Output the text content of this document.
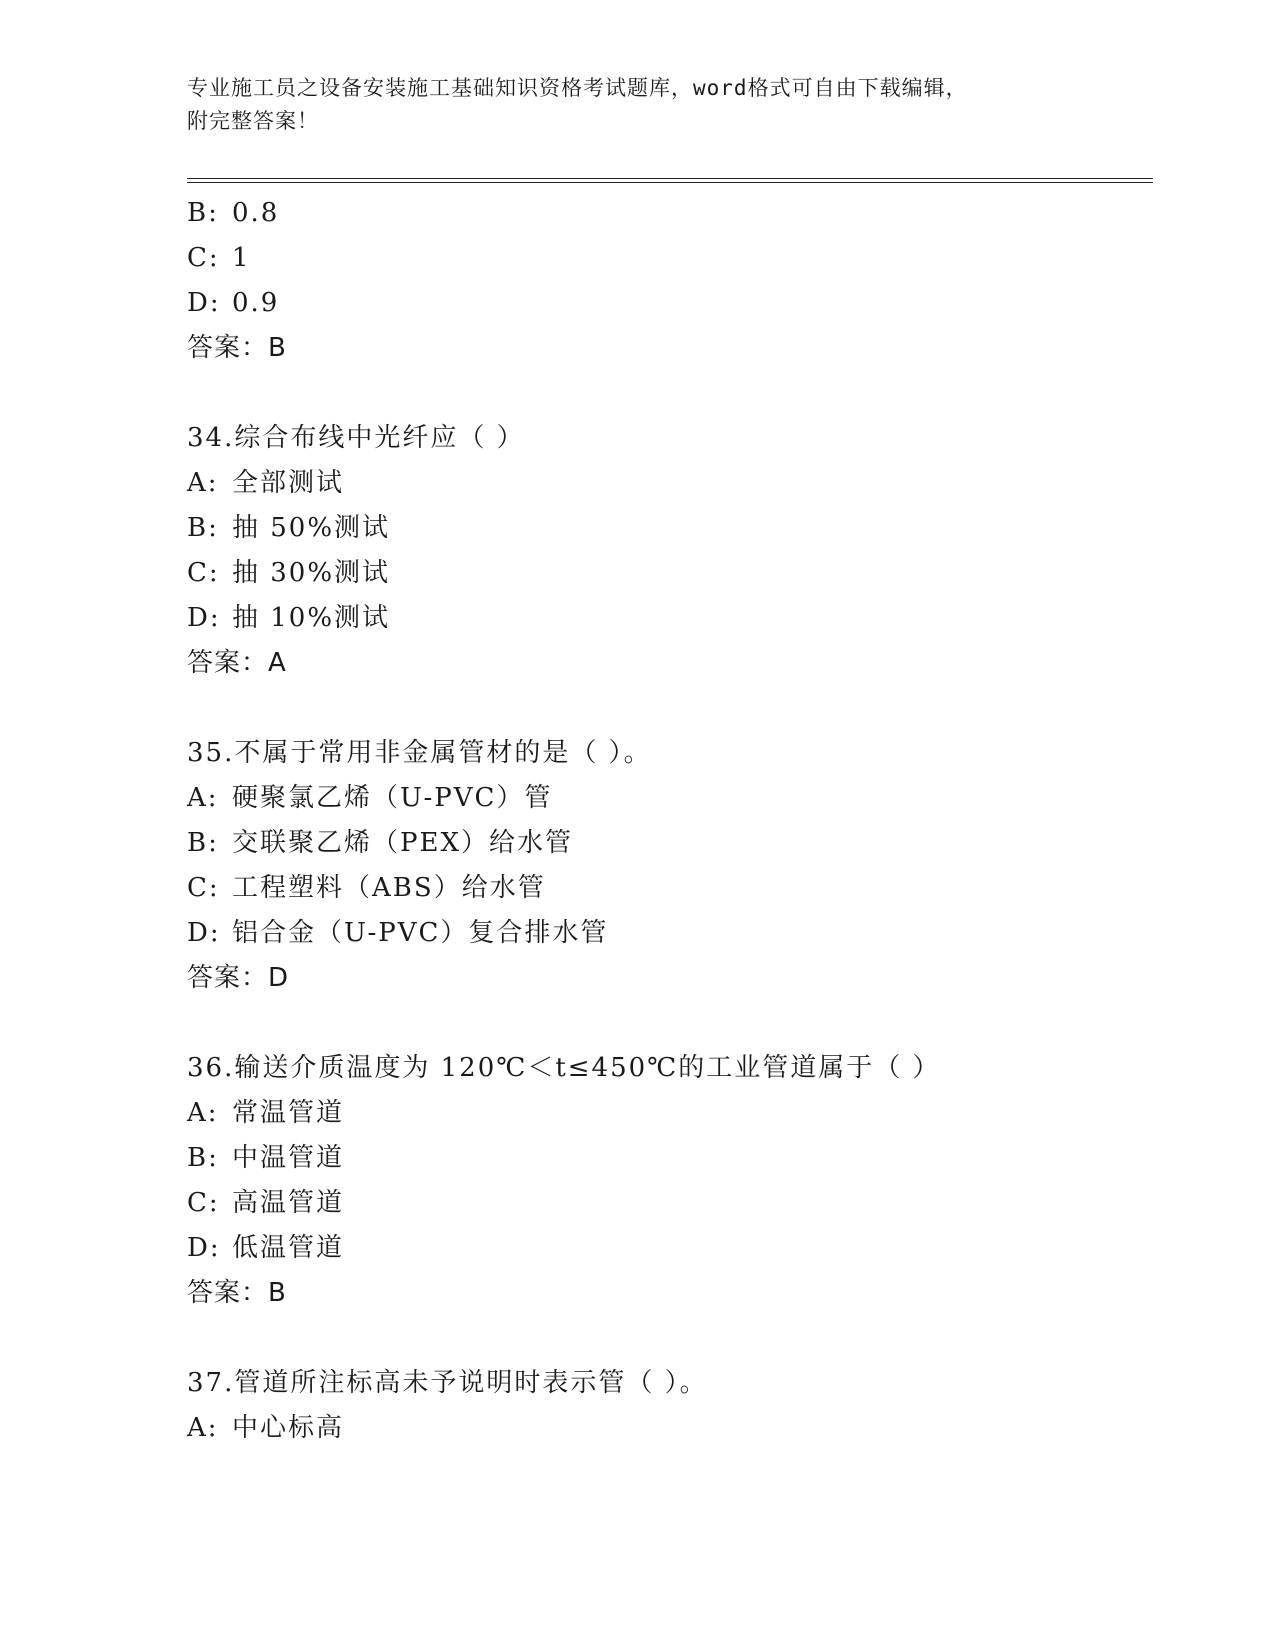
专业施工员之设备安装施工基础知识资格考试题库，word格式可自由下载编辑，
附完整答案！
B: 0.8
C: 1
D: 0.9
答案：B
34.综合布线中光纤应（ ）
A: 全部测试
B: 抽 50%测试
C: 抽 30%测试
D: 抽 10%测试
答案：A
35.不属于常用非金属管材的是（ ）。
A: 硬聚氯乙烯（U-PVC）管
B: 交联聚乙烯（PEX）给水管
C: 工程塑料（ABS）给水管
D: 铝合金（U-PVC）复合排水管
答案：D
36.输送介质温度为 120℃＜t≤450℃的工业管道属于（ ）
A: 常温管道
B: 中温管道
C: 高温管道
D: 低温管道
答案：B
37.管道所注标高未予说明时表示管（ ）。
A: 中心标高
